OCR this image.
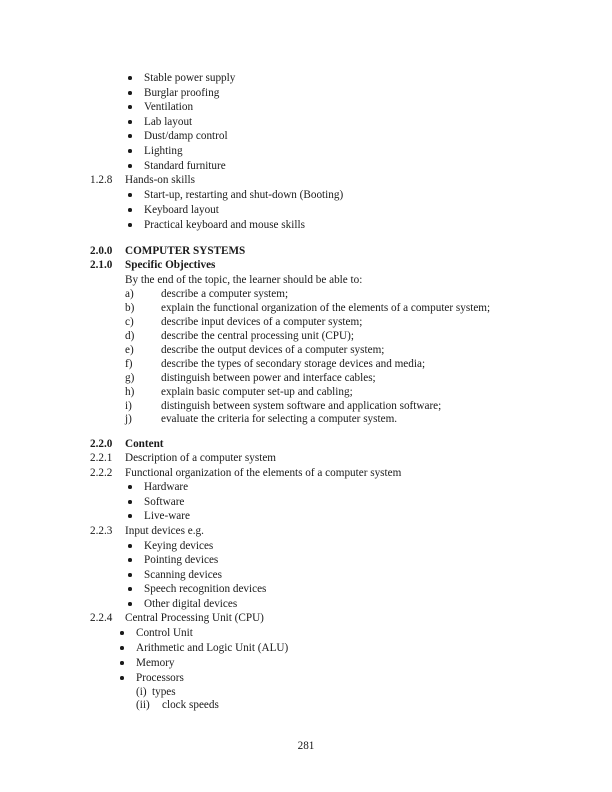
Stable power supply
Burglar proofing
Ventilation
Lab layout
Dust/damp control
Lighting
Standard furniture
1.2.8 Hands-on skills
Start-up, restarting and shut-down (Booting)
Keyboard layout
Practical keyboard and mouse skills
2.0.0 COMPUTER SYSTEMS
2.1.0 Specific Objectives
By the end of the topic, the learner should be able to:
a) describe a computer system;
b) explain the functional organization of the elements of a computer system;
c) describe input devices of a computer system;
d) describe the central processing unit (CPU);
e) describe the output devices of a computer system;
f)	describe the types of secondary storage devices and media;
g) distinguish between power and interface cables;
h) explain basic computer set-up and cabling;
i)	distinguish between system software and application software;
j)	evaluate the criteria for selecting a computer system.
2.2.0 Content
2.2.1 Description of a computer system
2.2.2 Functional organization of the elements of a computer system
Hardware
Software
Live-ware
2.2.3 Input devices e.g.
Keying devices
Pointing devices
Scanning devices
Speech recognition devices
Other digital devices
2.2.4 Central Processing Unit (CPU)
Control Unit
Arithmetic and Logic Unit (ALU)
Memory
Processors
(i) types
(ii) clock speeds
281
